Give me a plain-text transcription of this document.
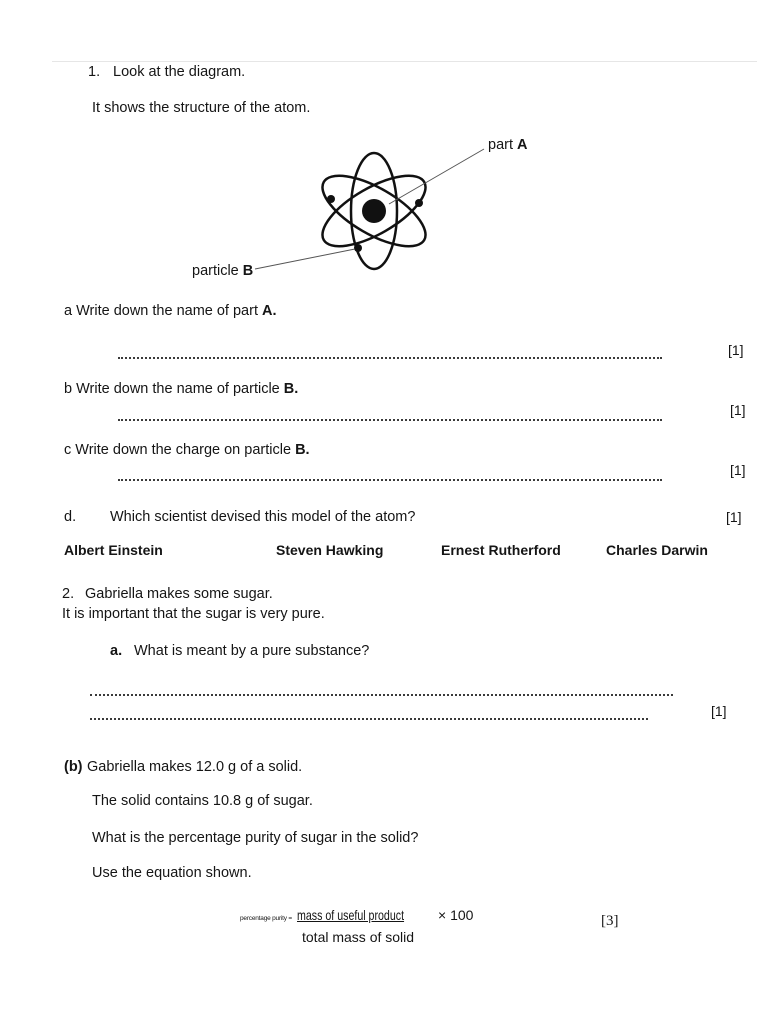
1. Look at the diagram.
It shows the structure of the atom.
part A
particle B
a Write down the name of part A.
[1]
b Write down the name of particle B.
[1]
c Write down the charge on particle B.
[1]
d. Which scientist devised this model of the atom?	[1]
Albert Einstein	Steven Hawking	Ernest Rutherford	Charles Darwin
2. Gabriella makes some sugar.
It is important that the sugar is very pure.
a. What is meant by a pure substance?
[1]
(b) Gabriella makes 12.0 g of a solid.
The solid contains 10.8 g of sugar.
What is the percentage purity of sugar in the solid?
Use the equation shown.
percentage purity = mass of useful product × 100
total mass of solid
[3]
